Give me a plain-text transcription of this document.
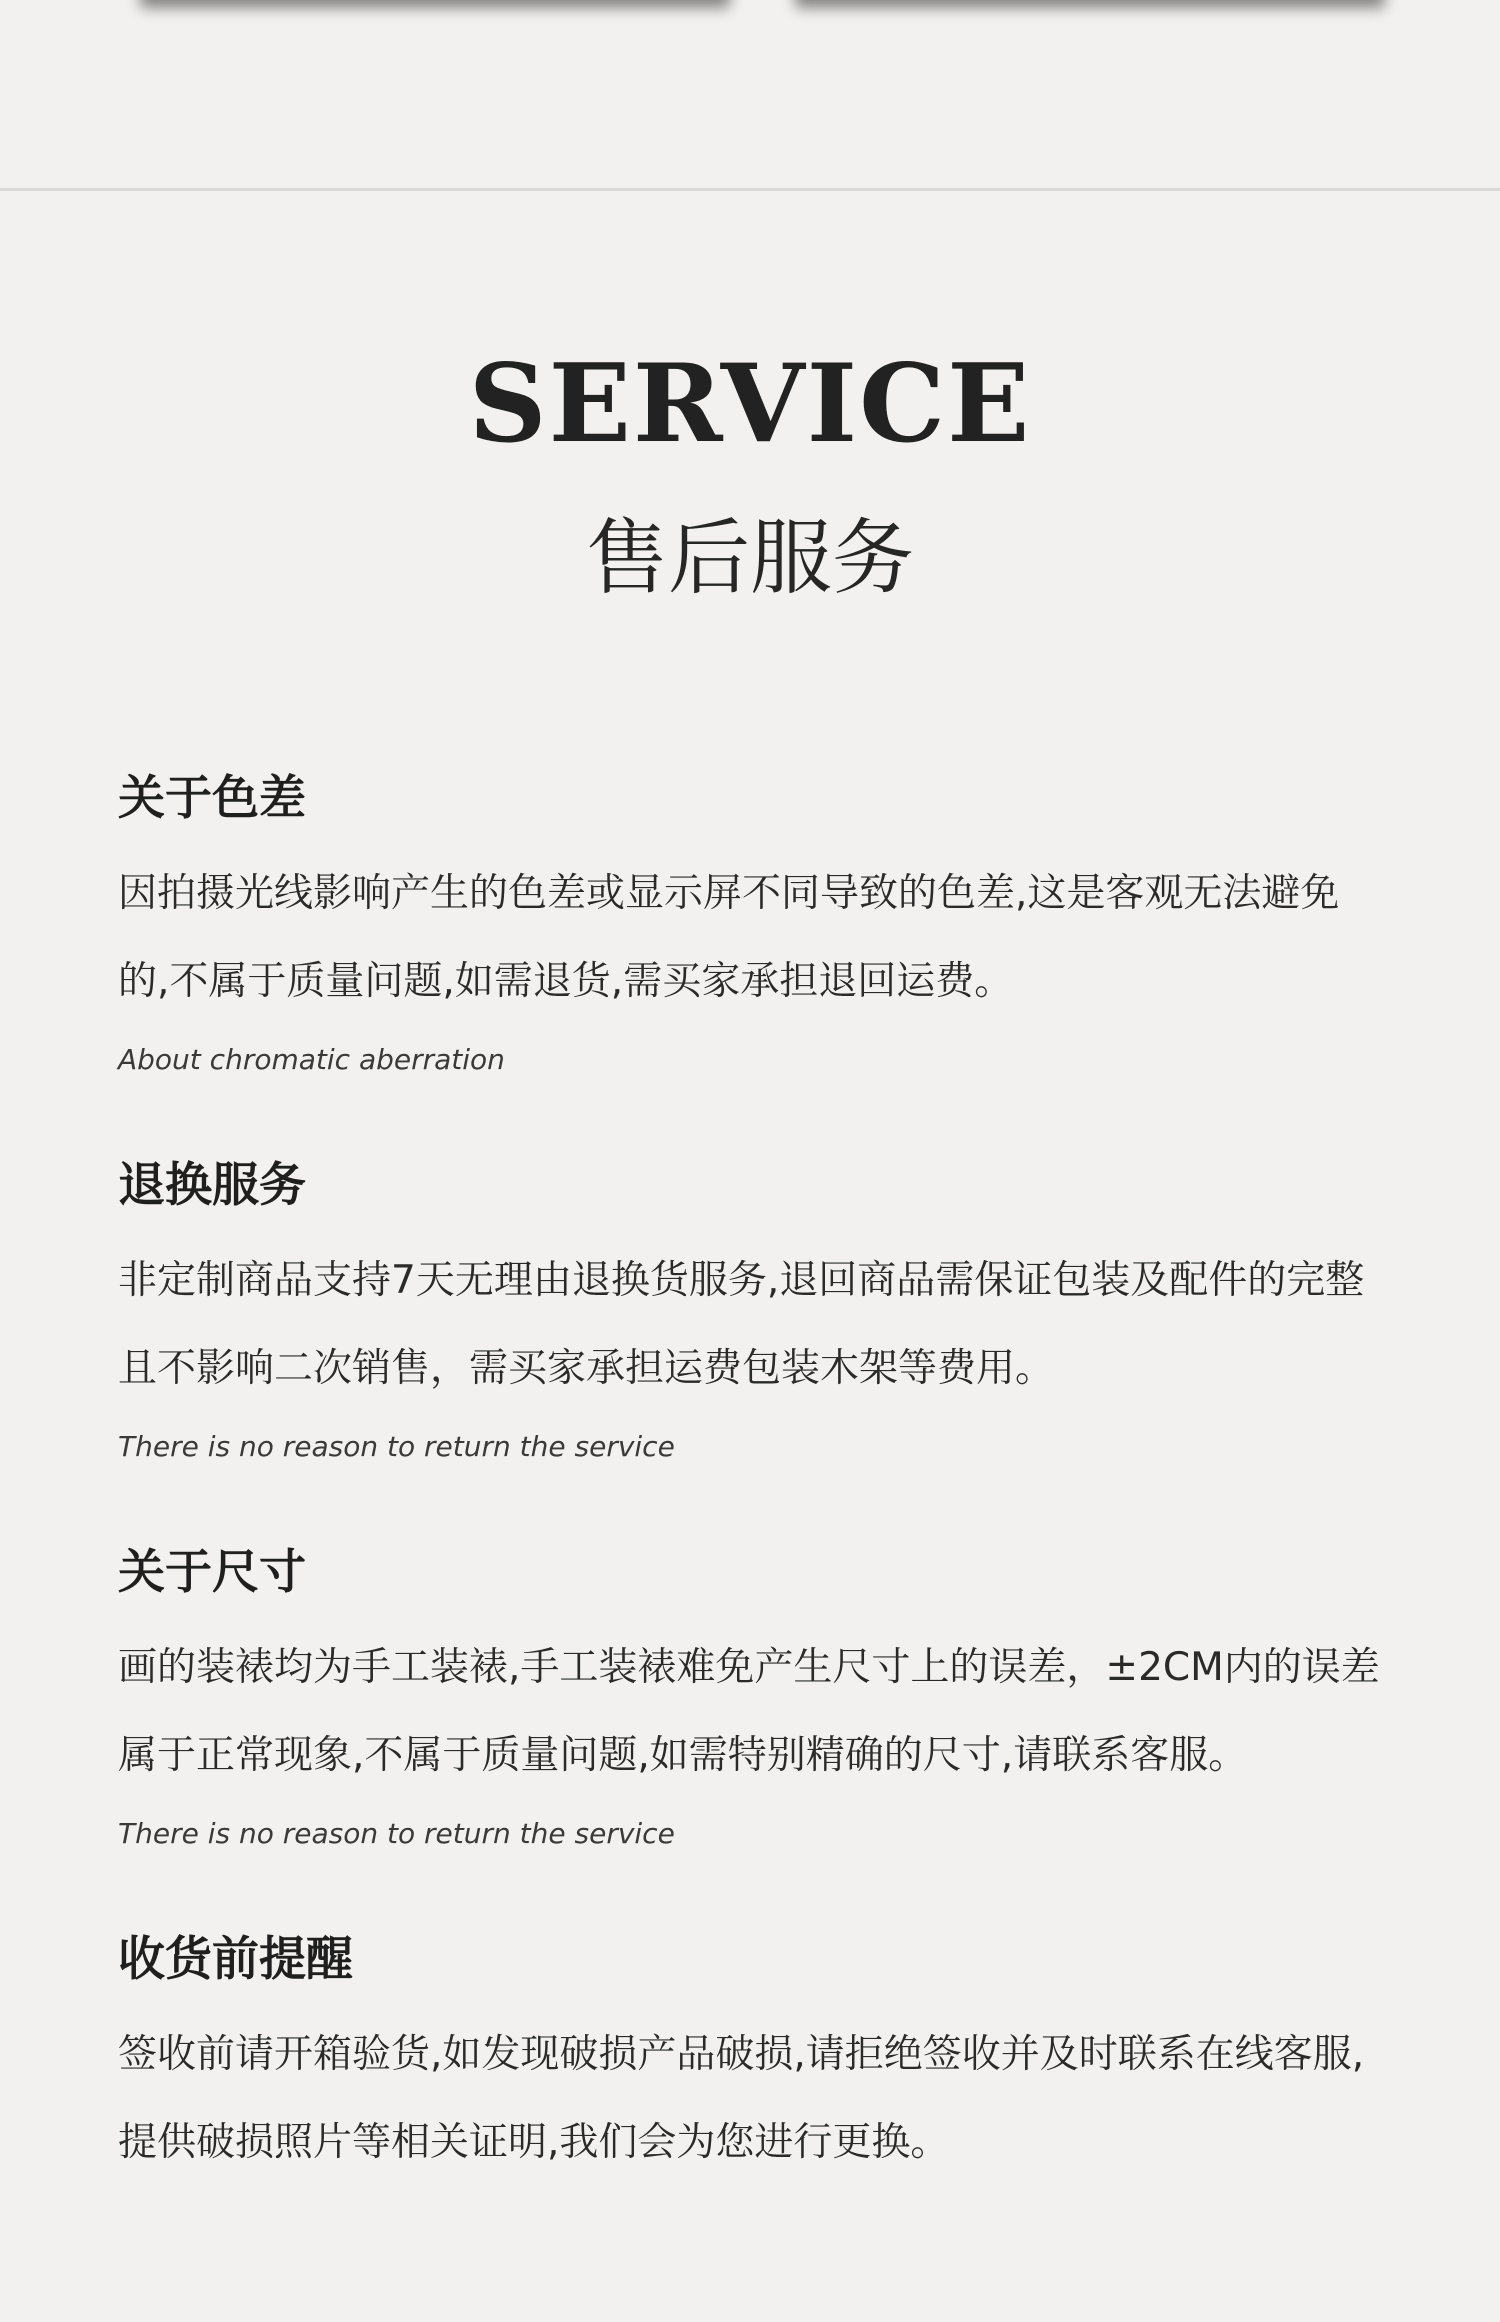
SERVICE
售后服务
关于色差

因拍摄光线影响产生的色差或显示屏不同导致的色差,这是客观无法避免的,不属于质量问题,如需退货,需买家承担退回运费。

About chromatic aberration
退换服务

非定制商品支持7天无理由退换货服务,退回商品需保证包装及配件的完整且不影响二次销售，需买家承担运费包装木架等费用。

There is no reason to return the service
关于尺寸

画的装裱均为手工装裱,手工装裱难免产生尺寸上的误差，±2CM内的误差属于正常现象,不属于质量问题,如需特别精确的尺寸,请联系客服。

There is no reason to return the service
收货前提醒

签收前请开箱验货,如发现破损产品破损,请拒绝签收并及时联系在线客服,提供破损照片等相关证明,我们会为您进行更换。
